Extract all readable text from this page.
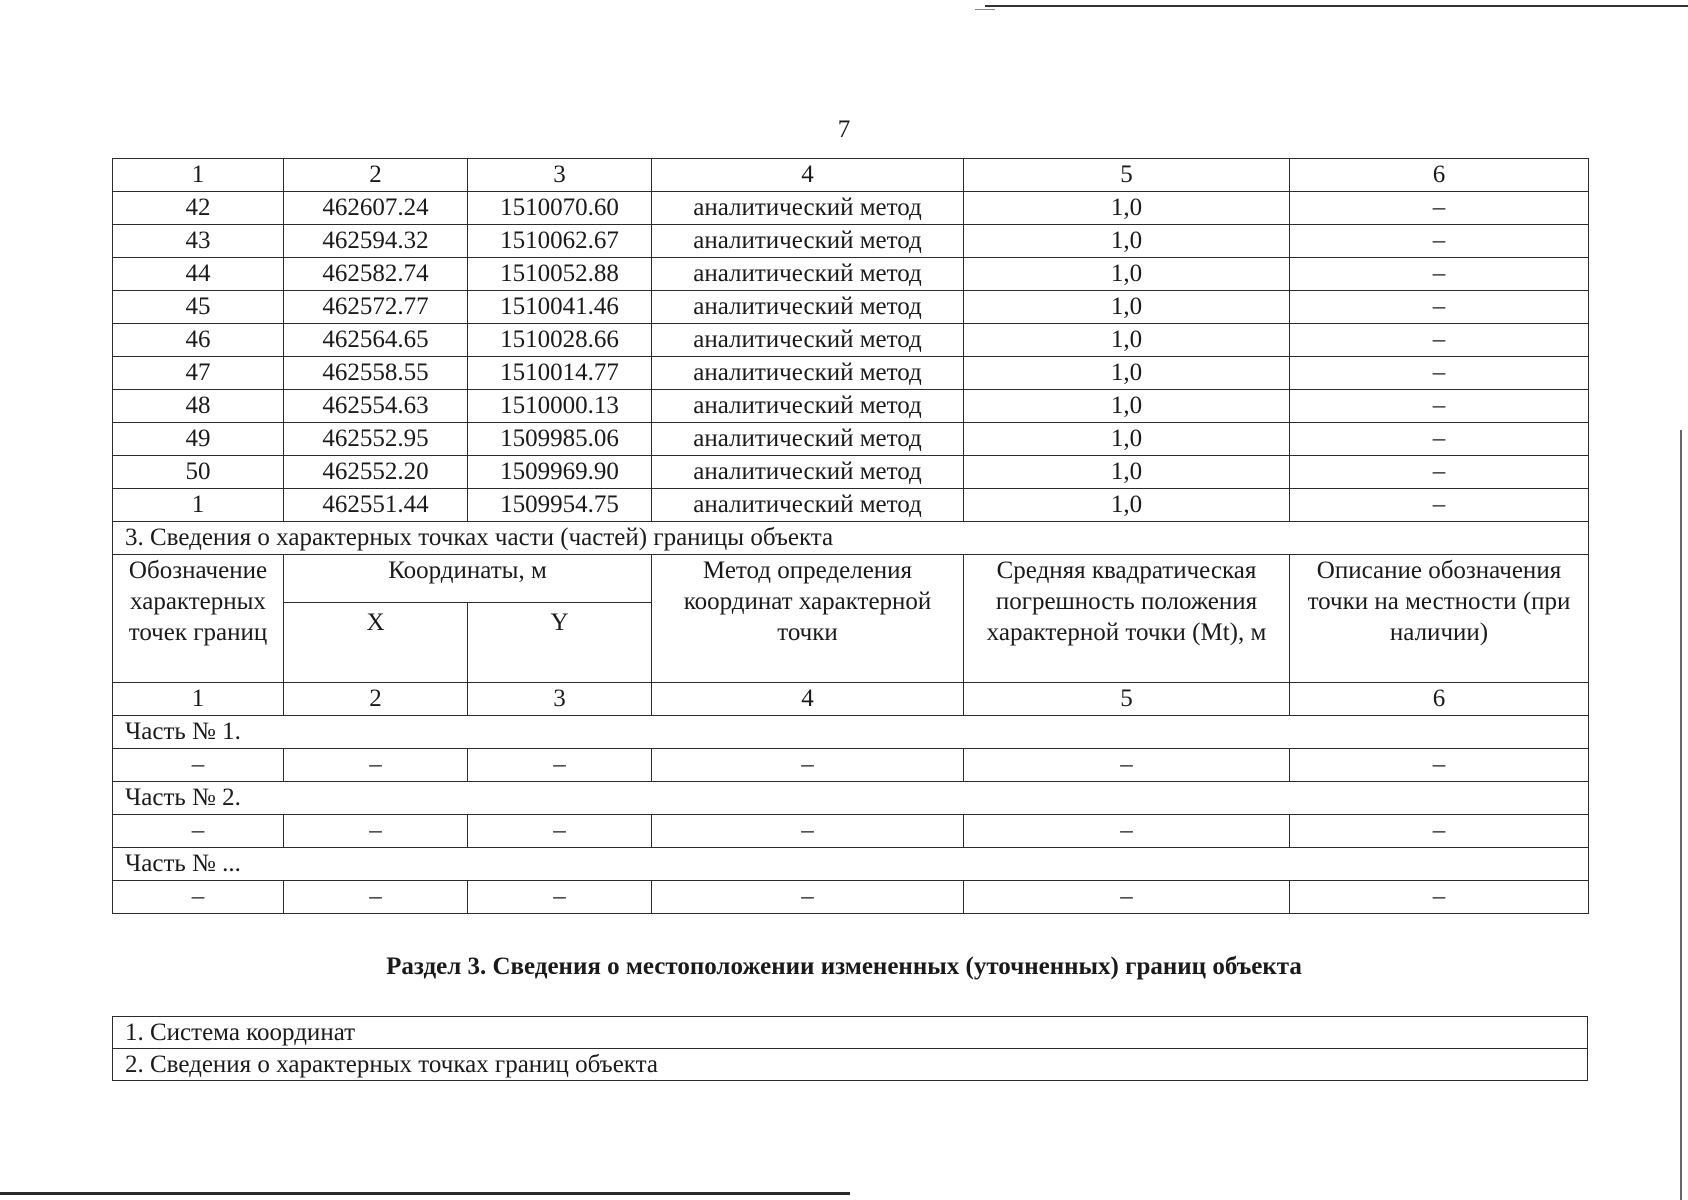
7
1	2	3	4	5	6
42	462607.24	1510070.60	аналитический метод	1,0	–
43	462594.32	1510062.67	аналитический метод	1,0	–
44	462582.74	1510052.88	аналитический метод	1,0	–
45	462572.77	1510041.46	аналитический метод	1,0	–
46	462564.65	1510028.66	аналитический метод	1,0	–
47	462558.55	1510014.77	аналитический метод	1,0	–
48	462554.63	1510000.13	аналитический метод	1,0	–
49	462552.95	1509985.06	аналитический метод	1,0	–
50	462552.20	1509969.90	аналитический метод	1,0	–
1	462551.44	1509954.75	аналитический метод	1,0	–
3. Сведения о характерных точках части (частей) границы объекта					
Обозначение характерных точек границ	Координаты, м		Метод определения координат характерной точки	Средняя квадратическая погрешность положения характерной точки (Mt), м	Описание обозначения точки на местности (при наличии)
	X	Y			
1	2	3	4	5	6
Часть № 1.					
–	–	–	–	–	–
Часть № 2.					
–	–	–	–	–	–
Часть № ...					
–	–	–	–	–	–
Раздел 3. Сведения о местоположении измененных (уточненных) границ объекта
1. Система координат
2. Сведения о характерных точках границ объекта
